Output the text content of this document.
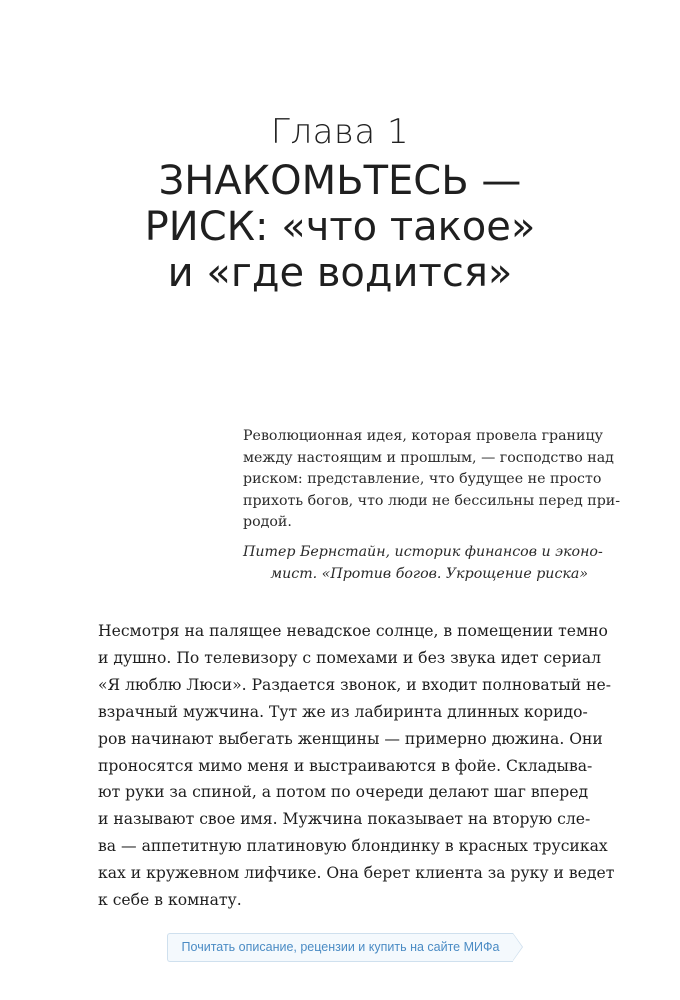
Глава 1
ЗНАКОМЬТЕСЬ —
РИСК: «что такое»
и «где водится»
Революционная идея, которая провела границу
между настоящим и прошлым, — господство над
риском: представление, что будущее не просто
прихоть богов, что люди не бессильны перед при-
родой.
Питер Бернстайн, историк финансов и эконо-
мист. «Против богов. Укрощение риска»
Несмотря на палящее невадское солнце, в помещении темно
и душно. По телевизору с помехами и без звука идет сериал
«Я люблю Люси». Раздается звонок, и входит полноватый не-
взрачный мужчина. Тут же из лабиринта длинных коридо-
ров начинают выбегать женщины — примерно дюжина. Они
проносятся мимо меня и выстраиваются в фойе. Складыва-
ют руки за спиной, а потом по очереди делают шаг вперед
и называют свое имя. Мужчина показывает на вторую сле-
ва — аппетитную платиновую блондинку в красных трусиках
ках и кружевном лифчике. Она берет клиента за руку и ведет
к себе в комнату.
Почитать описание, рецензии и купить на сайте МИФа
